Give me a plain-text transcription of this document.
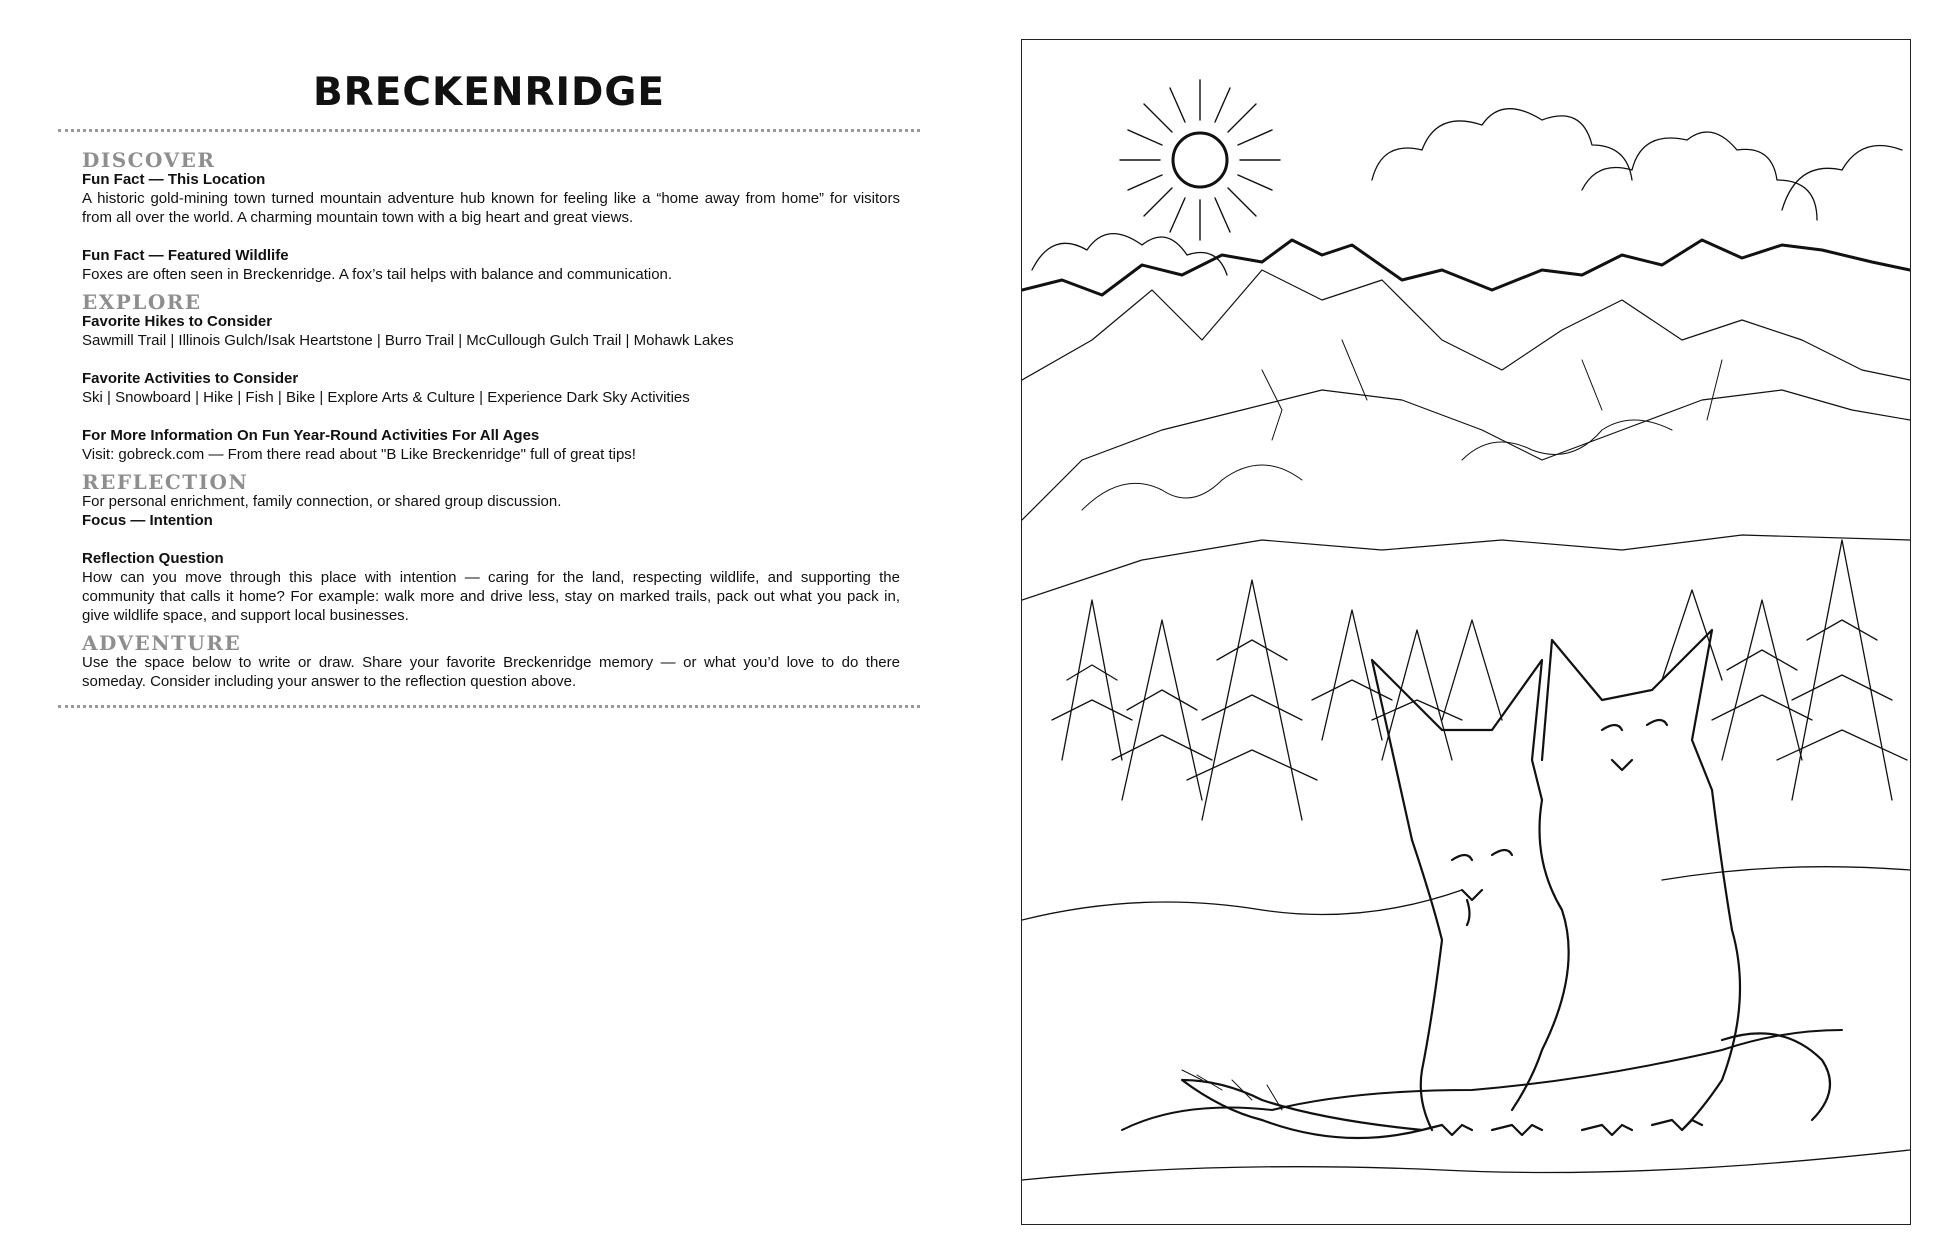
BRECKENRIDGE
DISCOVER

Fun Fact — This Location

A historic gold-mining town turned mountain adventure hub known for feeling like a “home away from home” for visitors from all over the world. A charming mountain town with a big heart and great views.

Fun Fact — Featured Wildlife

Foxes are often seen in Breckenridge. A fox’s tail helps with balance and communication.

EXPLORE

Favorite Hikes to Consider

Sawmill Trail | Illinois Gulch/Isak Heartstone | Burro Trail | McCullough Gulch Trail | Mohawk Lakes

Favorite Activities to Consider

Ski | Snowboard | Hike | Fish | Bike | Explore Arts & Culture | Experience Dark Sky Activities

For More Information On Fun Year-Round Activities For All Ages

Visit: gobreck.com — From there read about "B Like Breckenridge" full of great tips!

REFLECTION

For personal enrichment, family connection, or shared group discussion.

Focus — Intention

Reflection Question

How can you move through this place with intention — caring for the land, respecting wildlife, and supporting the community that calls it home? For example: walk more and drive less, stay on marked trails, pack out what you pack in, give wildlife space, and support local businesses.

ADVENTURE

Use the space below to write or draw. Share your favorite Breckenridge memory — or what you’d love to do there someday. Consider including your answer to the reflection question above.
